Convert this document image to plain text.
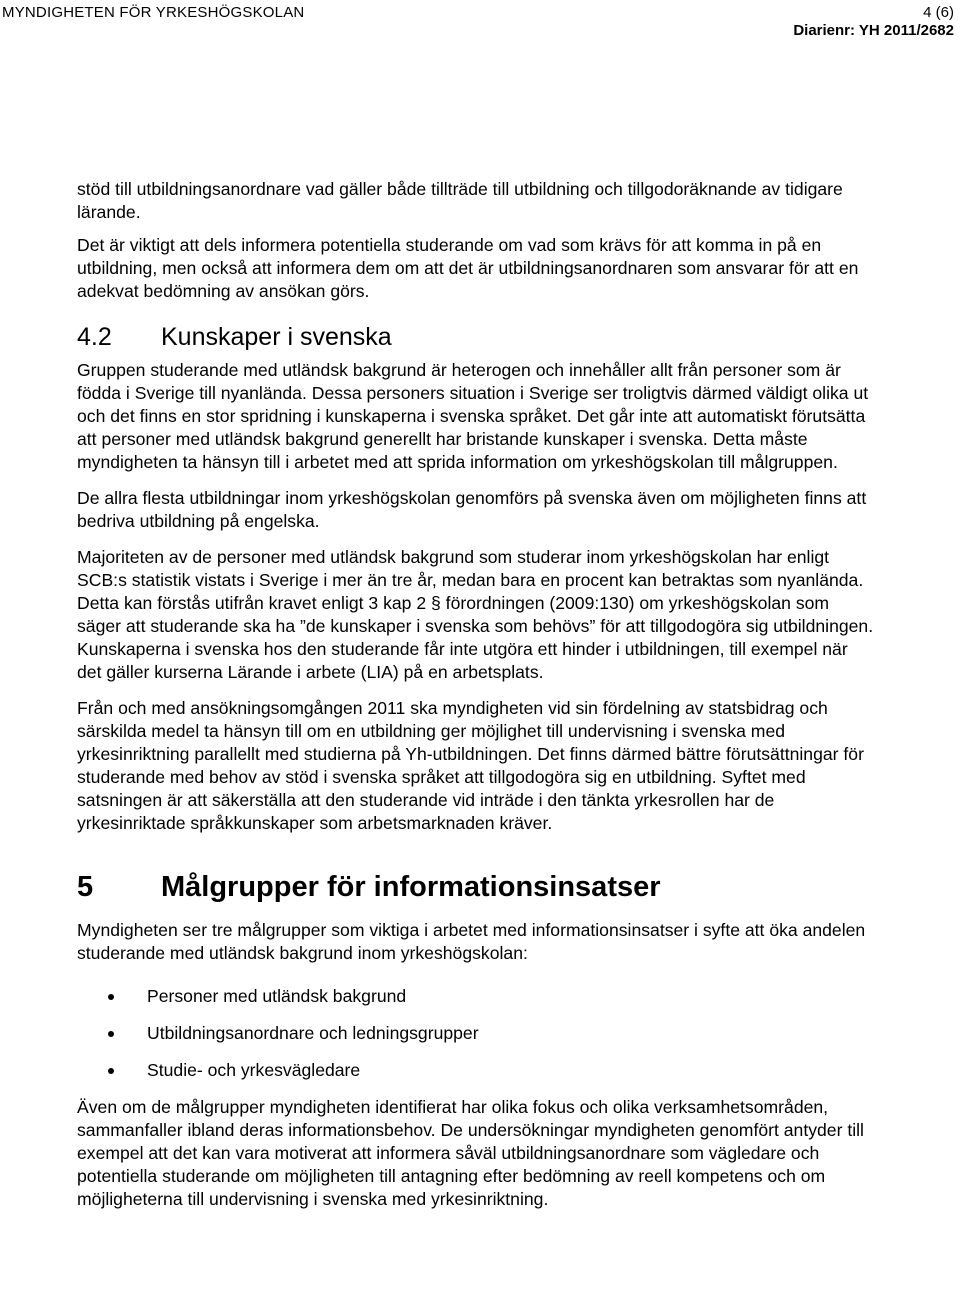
MYNDIGHETEN FÖR YRKESHÖGSKOLAN	4 (6)
Diarienr: YH 2011/2682

stöd till utbildningsanordnare vad gäller både tillträde till utbildning och tillgodoräknande av tidigare lärande.

Det är viktigt att dels informera potentiella studerande om vad som krävs för att komma in på en utbildning, men också att informera dem om att det är utbildningsanordnaren som ansvarar för att en adekvat bedömning av ansökan görs.

4.2	Kunskaper i svenska

Gruppen studerande med utländsk bakgrund är heterogen och innehåller allt från personer som är födda i Sverige till nyanlända. Dessa personers situation i Sverige ser troligtvis därmed väldigt olika ut och det finns en stor spridning i kunskaperna i svenska språket. Det går inte att automatiskt förutsätta att personer med utländsk bakgrund generellt har bristande kunskaper i svenska. Detta måste myndigheten ta hänsyn till i arbetet med att sprida information om yrkeshögskolan till målgruppen.

De allra flesta utbildningar inom yrkeshögskolan genomförs på svenska även om möjligheten finns att bedriva utbildning på engelska.

Majoriteten av de personer med utländsk bakgrund som studerar inom yrkeshögskolan har enligt SCB:s statistik vistats i Sverige i mer än tre år, medan bara en procent kan betraktas som nyanlända. Detta kan förstås utifrån kravet enligt 3 kap 2 § förordningen (2009:130) om yrkeshögskolan som säger att studerande ska ha ”de kunskaper i svenska som behövs” för att tillgodogöra sig utbildningen. Kunskaperna i svenska hos den studerande får inte utgöra ett hinder i utbildningen, till exempel när det gäller kurserna Lärande i arbete (LIA) på en arbetsplats.

Från och med ansökningsomgången 2011 ska myndigheten vid sin fördelning av statsbidrag och särskilda medel ta hänsyn till om en utbildning ger möjlighet till undervisning i svenska med yrkesinriktning parallellt med studierna på Yh-utbildningen. Det finns därmed bättre förutsättningar för studerande med behov av stöd i svenska språket att tillgodogöra sig en utbildning. Syftet med satsningen är att säkerställa att den studerande vid inträde i den tänkta yrkesrollen har de yrkesinriktade språkkunskaper som arbetsmarknaden kräver.

5	Målgrupper för informationsinsatser

Myndigheten ser tre målgrupper som viktiga i arbetet med informationsinsatser i syfte att öka andelen studerande med utländsk bakgrund inom yrkeshögskolan:

Personer med utländsk bakgrund
Utbildningsanordnare och ledningsgrupper
Studie- och yrkesvägledare

Även om de målgrupper myndigheten identifierat har olika fokus och olika verksamhetsområden, sammanfaller ibland deras informationsbehov. De undersökningar myndigheten genomfört antyder till exempel att det kan vara motiverat att informera såväl utbildningsanordnare som vägledare och potentiella studerande om möjligheten till antagning efter bedömning av reell kompetens och om möjligheterna till undervisning i svenska med yrkesinriktning.
